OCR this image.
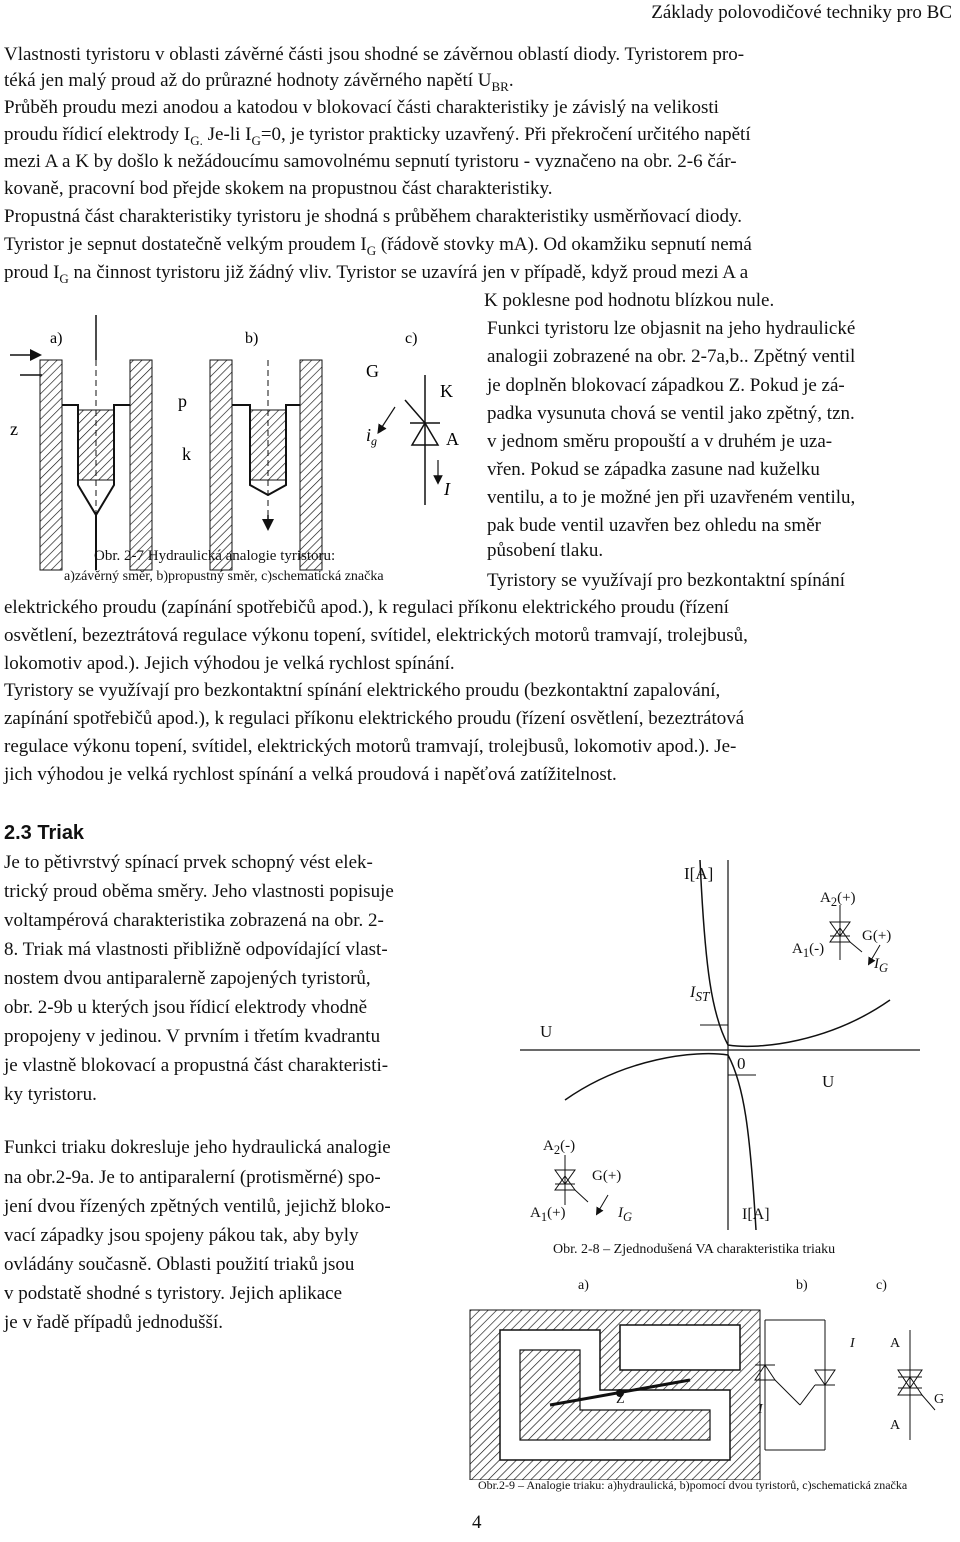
Základy polovodičové techniky pro BC
Vlastnosti tyristoru v oblasti závěrné části jsou shodné se závěrnou oblastí diody. Tyristorem pro-
téká jen malý proud až do průrazné hodnoty závěrného napětí $U_{BR}$.
Průběh proudu mezi anodou a katodou v blokovací části charakteristiky je závislý na velikosti
proudu řídicí elektrody $I_{G.}$ Je-li $I_G=0$, je tyristor prakticky uzavřený. Při překročení určitého napětí
mezi A a K by došlo k nežádoucímu samovolnému sepnutí tyristoru - vyznačeno na obr. 2-6 čár-
kovaně, pracovní bod přejde skokem na propustnou část charakteristiky.
Propustná část charakteristiky tyristoru je shodná s průběhem charakteristiky usměrňovací diody.
Tyristor je sepnut dostatečně velkým proudem $I_G$ (řádově stovky mA). Od okamžiku sepnutí nemá
proud $I_G$ na činnost tyristoru již žádný vliv. Tyristor se uzavírá jen v případě, když proud mezi A a
K poklesne pod hodnotu blízkou nule.
Funkci tyristoru lze objasnit na jeho hydraulické
analogii zobrazené na obr. 2-7a,b.. Zpětný ventil
je doplněn blokovací západkou Z. Pokud je zá-
padka vysunuta chová se ventil jako zpětný, tzn.
v jednom směru propouští a v druhém je uza-
vřen. Pokud se západka zasune nad kuželku
ventilu, a to je možné jen při uzavřeném ventilu,
pak bude ventil uzavřen bez ohledu na směr
působení tlaku.
Tyristory se využívají pro bezkontaktní spínání
a)
z
p
k
b)	c)
G
K
$i_g$	A
I
Obr. 2-7 Hydraulická analogie tyristoru:
a)závěrný směr, b)propustný směr, c)schematická značka
elektrického proudu (zapínání spotřebičů apod.), k regulaci příkonu elektrického proudu (řízení
osvětlení, bezeztrátová regulace výkonu topení, svítidel, elektrických motorů tramvají, trolejbusů,
lokomotiv apod.). Jejich výhodou je velká rychlost spínání.
Tyristory se využívají pro bezkontaktní spínání elektrického proudu (bezkontaktní zapalování,
zapínání spotřebičů apod.), k regulaci příkonu elektrického proudu (řízení osvětlení, bezeztrátová
regulace výkonu topení, svítidel, elektrických motorů tramvají, trolejbusů, lokomotiv apod.). Je-
jich výhodou je velká rychlost spínání a velká proudová i napěťová zatížitelnost.
2.3 Triak
Je to pětivrstvý spínací prvek schopný vést elek-
trický proud oběma směry. Jeho vlastnosti popisuje
voltampérová charakteristika zobrazená na obr. 2-
8. Triak má vlastnosti přibližně odpovídající vlast-
nostem dvou antiparalerně zapojených tyristorů,
obr. 2-9b u kterých jsou řídicí elektrody vhodně
propojeny v jedinou. V prvním i třetím kvadrantu
je vlastně blokovací a propustná část charakteristi-
ky tyristoru.
Funkci triaku dokresluje jeho hydraulická analogie
na obr.2-9a. Je to antiparalerní (protisměrné) spo-
jení dvou řízených zpětných ventilů, jejichž bloko-
vací západky jsou spojeny pákou tak, aby byly
ovládány současně. Oblasti použití triaků jsou
v podstatě shodné s tyristory. Jejich aplikace
je v řadě případů jednodušší.
I[A]
$A_2(+)$
G(+)
$A_1(-)$
$I_G$
$I_{ST}$
U
0
U
$A_2(-)$
G(+)
$A_1(+)$	$I_G$	I[A]
Obr. 2-8 – Zjednodušená VA charakteristika triaku
a)	b)	c)
I	A
Z	G
I
A
Obr.2-9 – Analogie triaku: a)hydraulická, b)pomocí dvou tyristorů, c)schematická značka
4
